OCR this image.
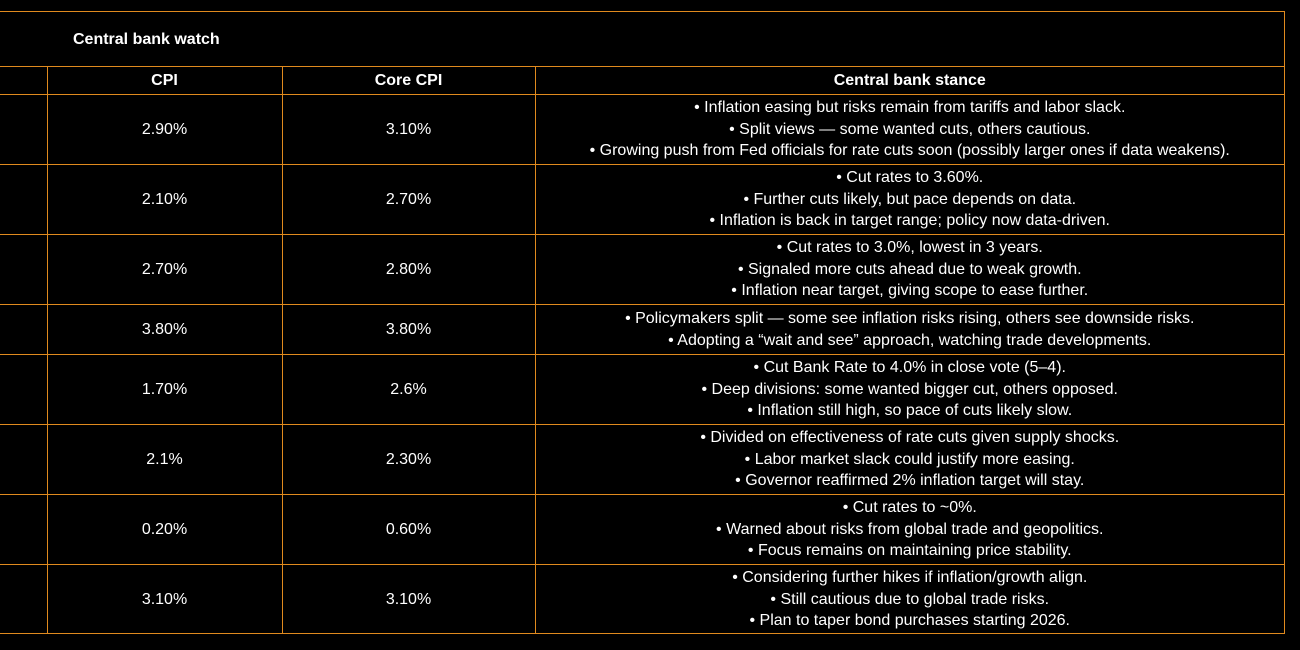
Central bank watch
	CPI	Core CPI	Central bank stance
	2.90%	3.10%	• Inflation easing but risks remain from tariffs and labor slack.
• Split views — some wanted cuts, others cautious.
• Growing push from Fed officials for rate cuts soon (possibly larger ones if data weakens).

	2.10%	2.70%	• Cut rates to 3.60%.
• Further cuts likely, but pace depends on data.
• Inflation is back in target range; policy now data-driven.

	2.70%	2.80%	• Cut rates to 3.0%, lowest in 3 years.
• Signaled more cuts ahead due to weak growth.
• Inflation near target, giving scope to ease further.

	3.80%	3.80%	• Policymakers split — some see inflation risks rising, others see downside risks.
• Adopting a “wait and see” approach, watching trade developments.

	1.70%	2.6%	• Cut Bank Rate to 4.0% in close vote (5–4).
• Deep divisions: some wanted bigger cut, others opposed.
• Inflation still high, so pace of cuts likely slow.

	2.1%	2.30%	• Divided on effectiveness of rate cuts given supply shocks.
• Labor market slack could justify more easing.
• Governor reaffirmed 2% inflation target will stay.

	0.20%	0.60%	• Cut rates to ~0%.
• Warned about risks from global trade and geopolitics.
• Focus remains on maintaining price stability.

	3.10%	3.10%	• Considering further hikes if inflation/growth align.
• Still cautious due to global trade risks.
• Plan to taper bond purchases starting 2026.
